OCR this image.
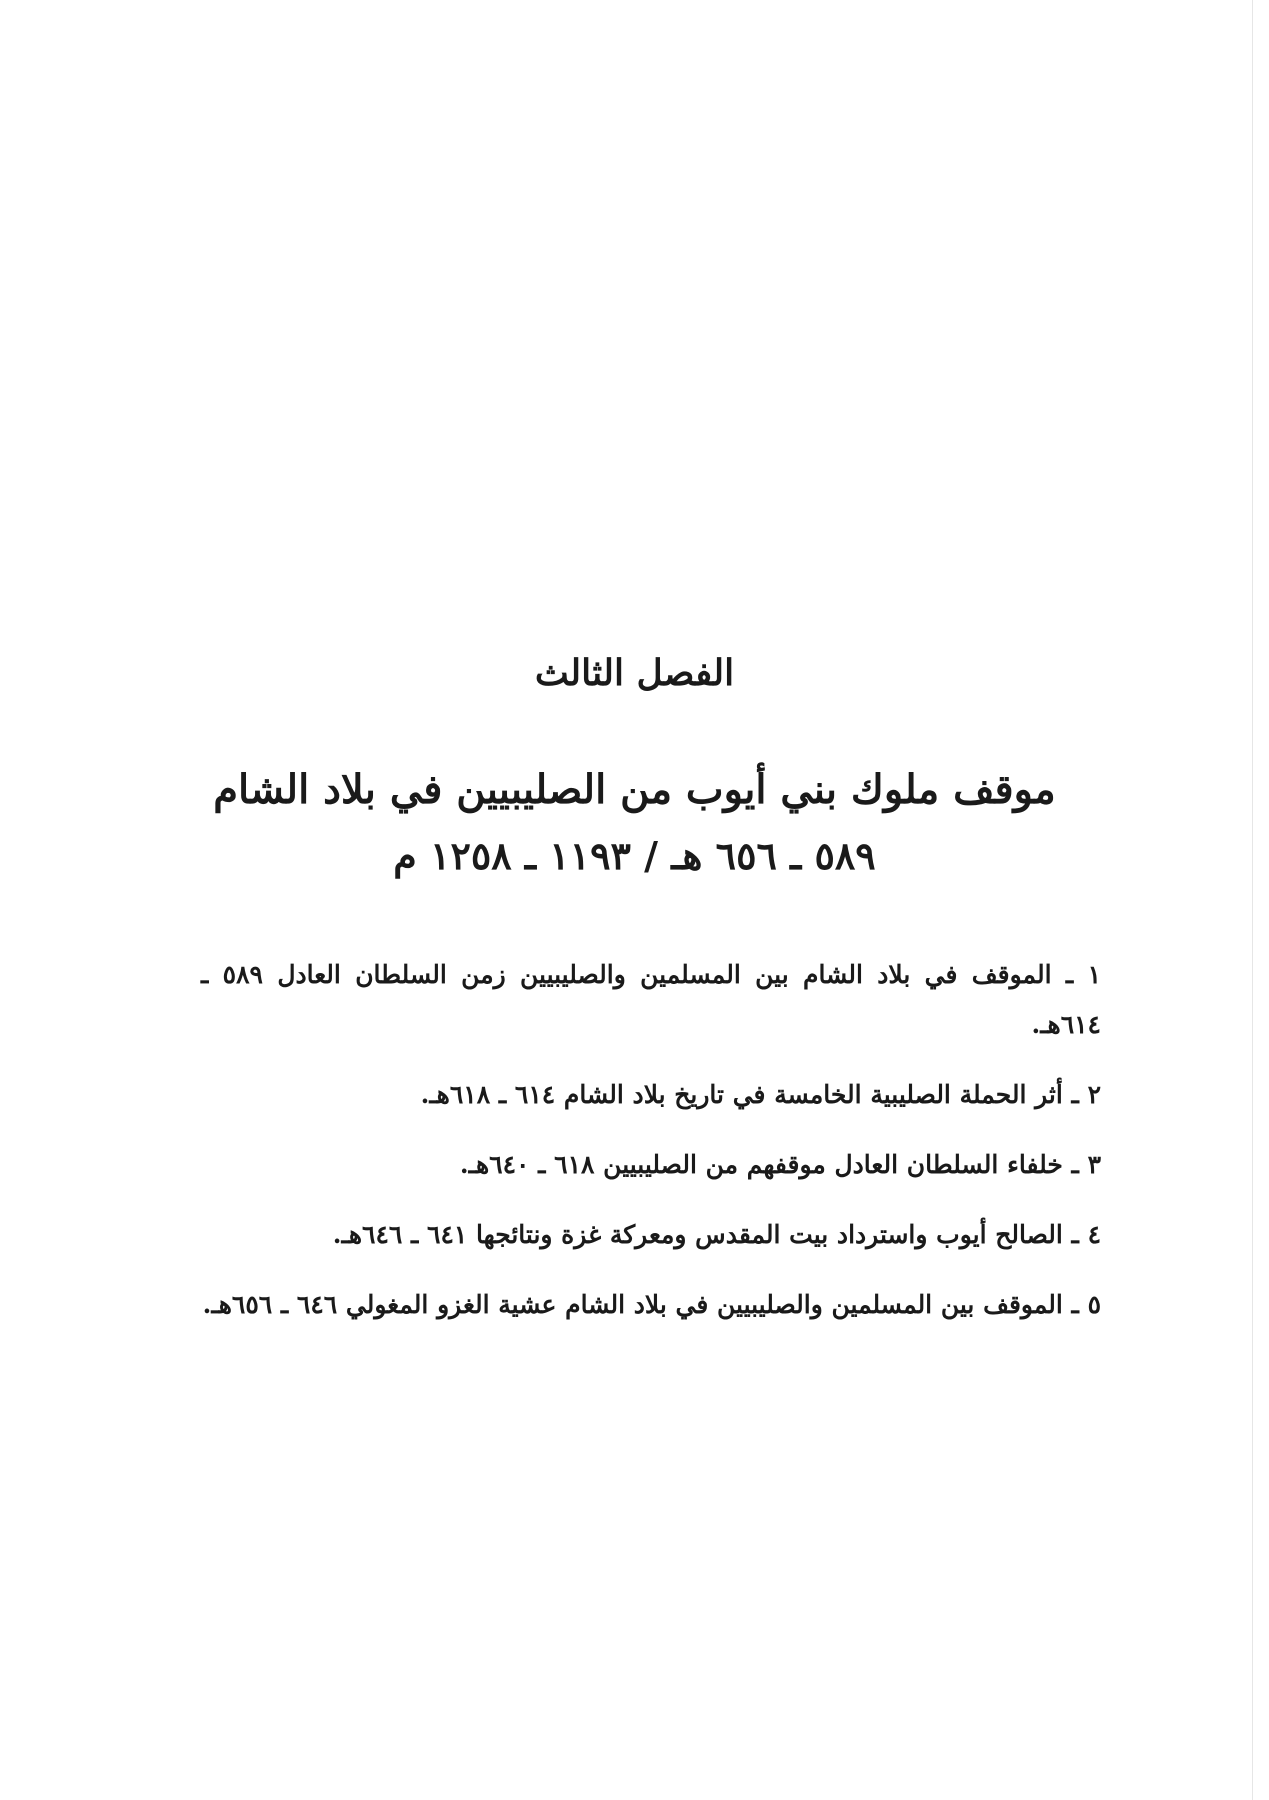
الفصل الثالث
موقف ملوك بني أيوب من الصليبيين في بلاد الشام
٥٨٩ ـ ٦٥٦ هـ / ١١٩٣ ـ ١٢٥٨ م
١ ـ الموقف في بلاد الشام بين المسلمين والصليبيين زمن السلطان العادل ٥٨٩ ـ ٦١٤هـ.
٢ ـ أثر الحملة الصليبية الخامسة في تاريخ بلاد الشام ٦١٤ ـ ٦١٨هـ.
٣ ـ خلفاء السلطان العادل موقفهم من الصليبيين ٦١٨ ـ ٦٤٠هـ.
٤ ـ الصالح أيوب واسترداد بيت المقدس ومعركة غزة ونتائجها ٦٤١ ـ ٦٤٦هـ.
٥ ـ الموقف بين المسلمين والصليبيين في بلاد الشام عشية الغزو المغولي ٦٤٦ ـ ٦٥٦هـ.
